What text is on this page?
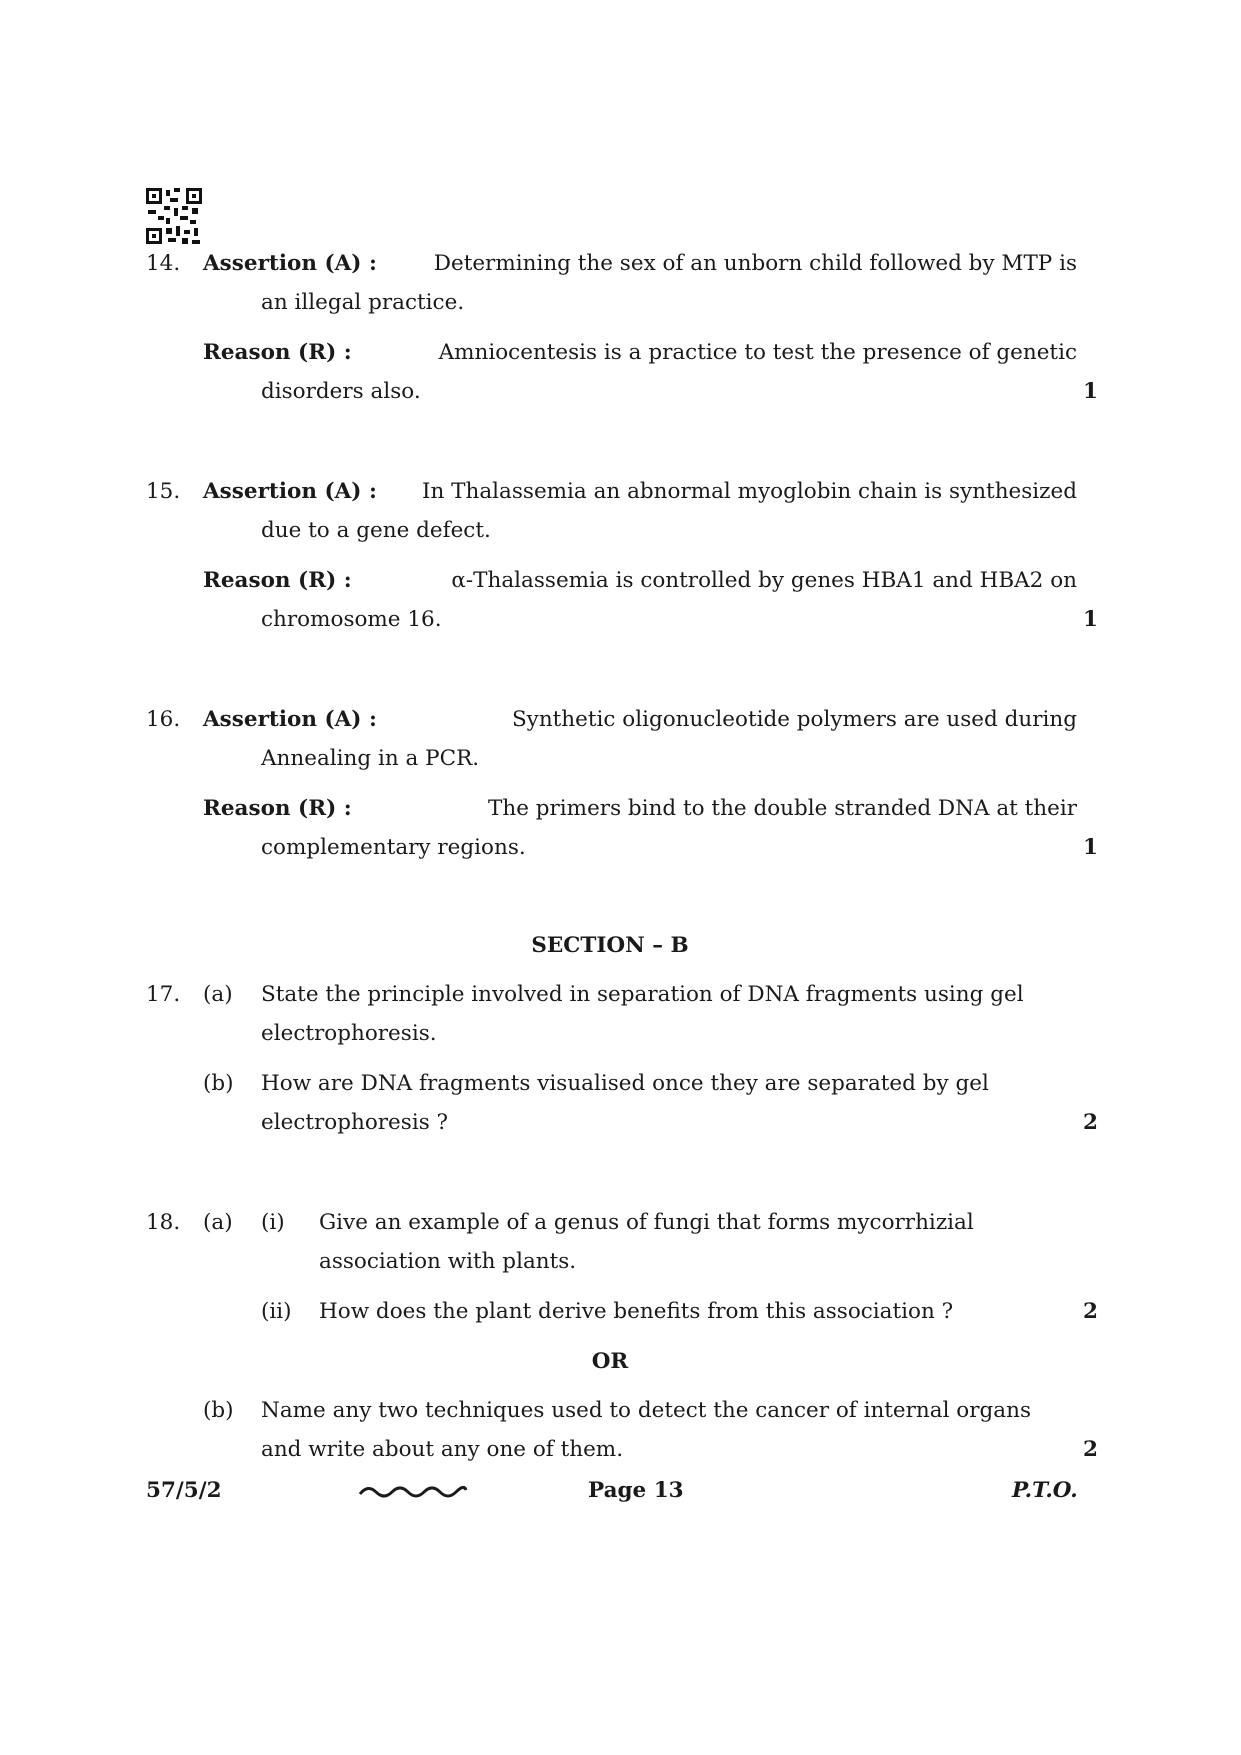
14. Assertion (A) :	Determining the sex of an unborn child followed by MTP is
an illegal practice.
Reason (R) :	Amniocentesis is a practice to test the presence of genetic
disorders also.	1
15. Assertion (A) : In Thalassemia an abnormal myoglobin chain is synthesized
due to a gene defect.
Reason (R) :	α-Thalassemia is controlled by genes HBA1 and HBA2 on
chromosome 16.	1
16. Assertion (A) :	Synthetic oligonucleotide polymers are used during
Annealing in a PCR.
Reason (R) :	The primers bind to the double stranded DNA at their
complementary regions.	1
SECTION – B
17. (a) State the principle involved in separation of DNA fragments using gel
electrophoresis.
(b) How are DNA fragments visualised once they are separated by gel
electrophoresis ?	2
18. (a) (i) Give an example of a genus of fungi that forms mycorrhizial
association with plants.
(ii) How does the plant derive benefits from this association ?	2
OR
(b) Name any two techniques used to detect the cancer of internal organs
and write about any one of them.	2
57/5/2	Page 13	P.T.O.
